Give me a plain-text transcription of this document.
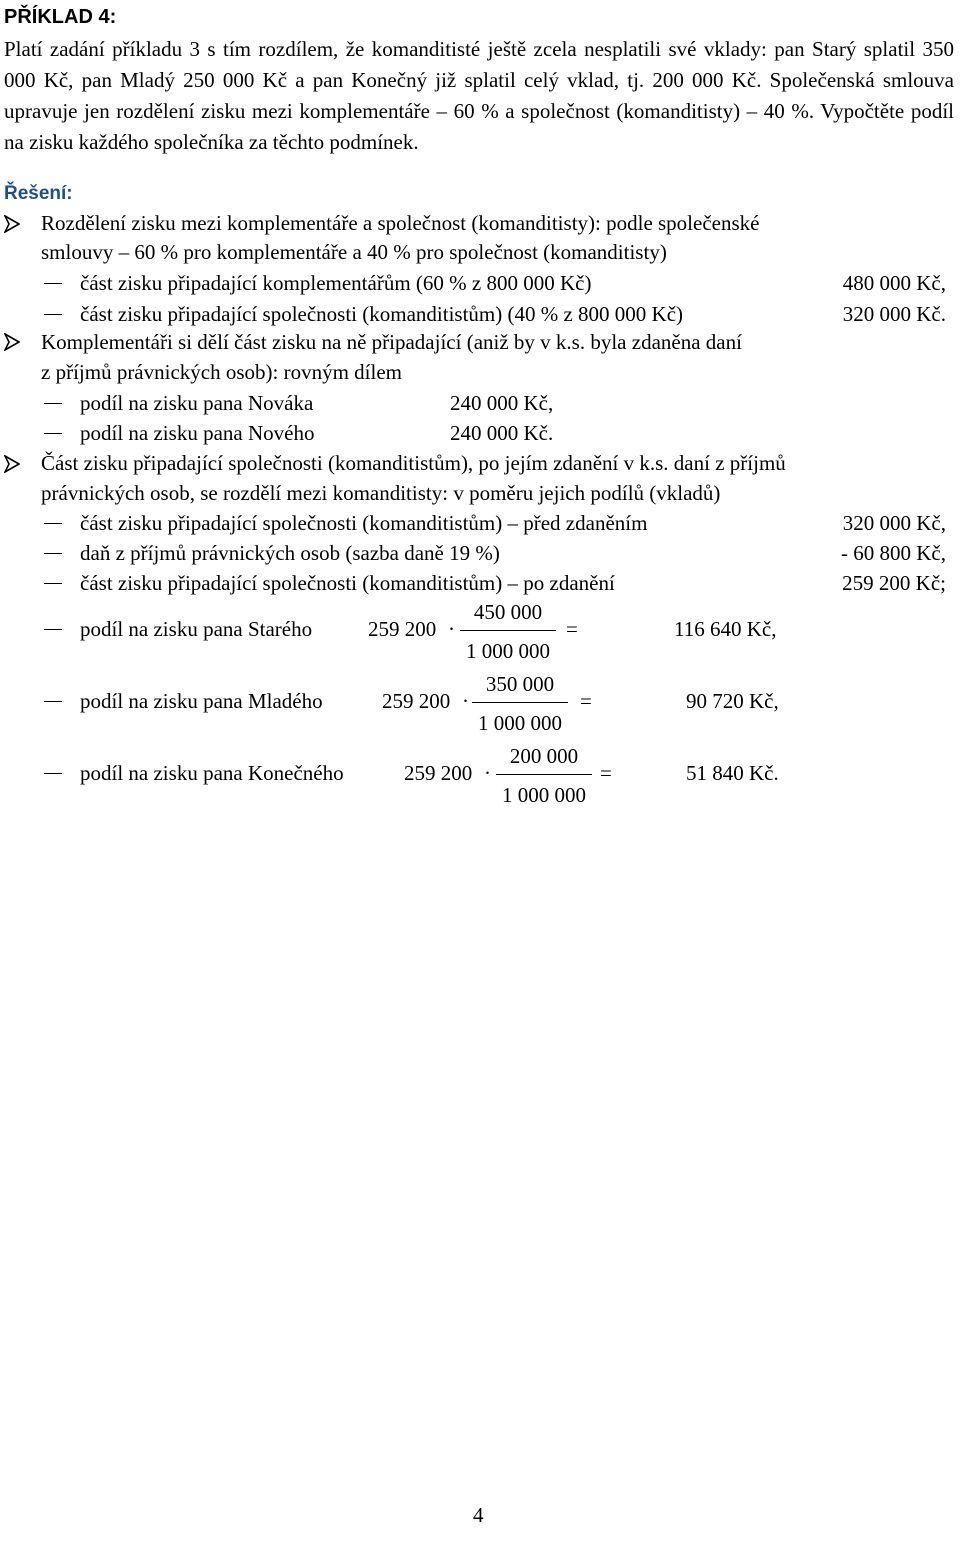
PŘÍKLAD 4:
Platí zadání příkladu 3 s tím rozdílem, že komanditisté ještě zcela nesplatili své vklady: pan Starý splatil 350 000 Kč, pan Mladý 250 000 Kč a pan Konečný již splatil celý vklad, tj. 200 000 Kč. Společenská smlouva upravuje jen rozdělení zisku mezi komplementáře – 60 % a společnost (komanditisty) – 40 %. Vypočtěte podíl na zisku každého společníka za těchto podmínek.
Řešení:
Rozdělení zisku mezi komplementáře a společnost (komanditisty): podle společenské
smlouvy – 60 % pro komplementáře a 40 % pro společnost (komanditisty)
část zisku připadající komplementářům (60 % z 800 000 Kč)	480 000 Kč,
část zisku připadající společnosti (komanditistům) (40 % z 800 000 Kč)	320 000 Kč.
Komplementáři si dělí část zisku na ně připadající (aniž by v k.s. byla zdaněna daní
z příjmů právnických osob): rovným dílem
podíl na zisku pana Nováka	240 000 Kč,
podíl na zisku pana Nového	240 000 Kč.
Část zisku připadající společnosti (komanditistům), po jejím zdanění v k.s. daní z příjmů
právnických osob, se rozdělí mezi komanditisty: v poměru jejich podílů (vkladů)
část zisku připadající společnosti (komanditistům) – před zdaněním	320 000 Kč,
daň z příjmů právnických osob (sazba daně 19 %)	- 60 800 Kč,
část zisku připadající společnosti (komanditistům) – po zdanění	259 200 Kč;
podíl na zisku pana Starého	259 200 ·
450 000
1 000 000
=	116 640 Kč,
podíl na zisku pana Mladého	259 200 ·
350 000
1 000 000
=	90 720 Kč,
podíl na zisku pana Konečného	259 200 ·
200 000
1 000 000
=	51 840 Kč.
4
